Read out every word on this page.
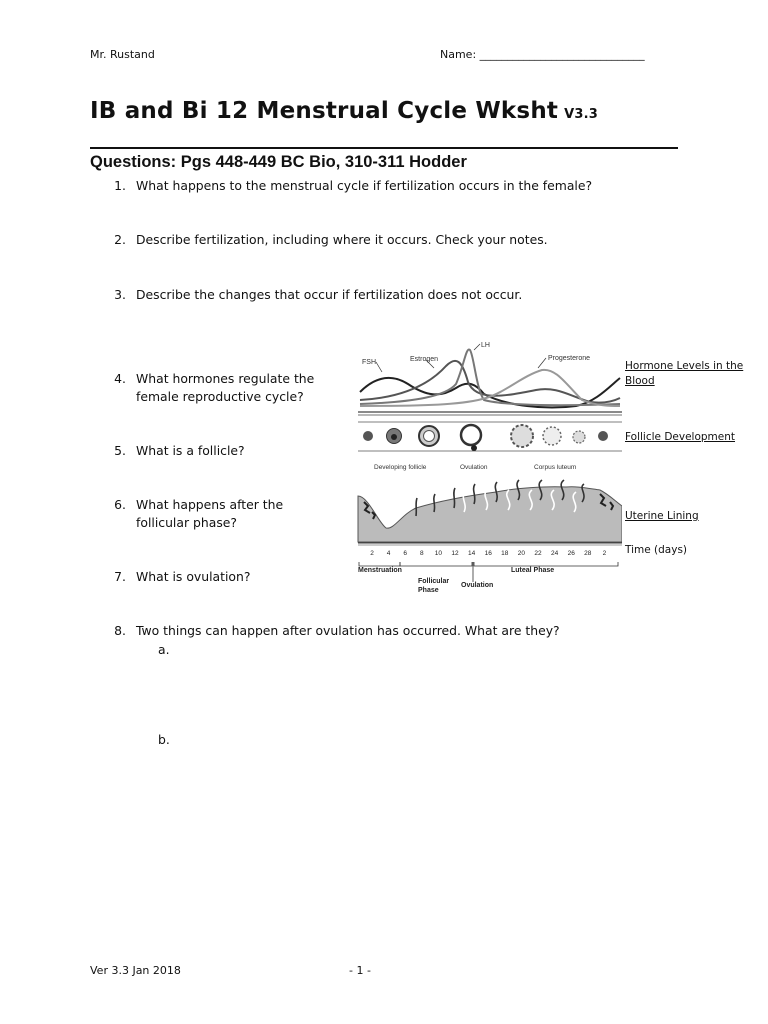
Mr. Rustand	Name: ______________________________
IB and Bi 12 Menstrual Cycle Wksht V3.3
Questions: Pgs 448-449 BC Bio, 310-311 Hodder
1. What happens to the menstrual cycle if fertilization occurs in the female?
2. Describe fertilization, including where it occurs. Check your notes.
3. Describe the changes that occur if fertilization does not occur.
4. What hormones regulate the
female reproductive cycle?
5. What is a follicle?
6. What happens after the
follicular phase?
7. What is ovulation?
8. Two things can happen after ovulation has occurred. What are they?
a.
b.
FSH	Estrogen
LH
Progesterone
Developing follicle	Ovulation	Corpus luteum
2 4 6 8 10 12 14 16 18 20 22 24 26 28 2
Menstruation
Follicular
Phase
Ovulation
Luteal Phase
Hormone Levels in the
Blood
Follicle Development
Uterine Lining
Time (days)
Ver 3.3 Jan 2018	- 1 -
